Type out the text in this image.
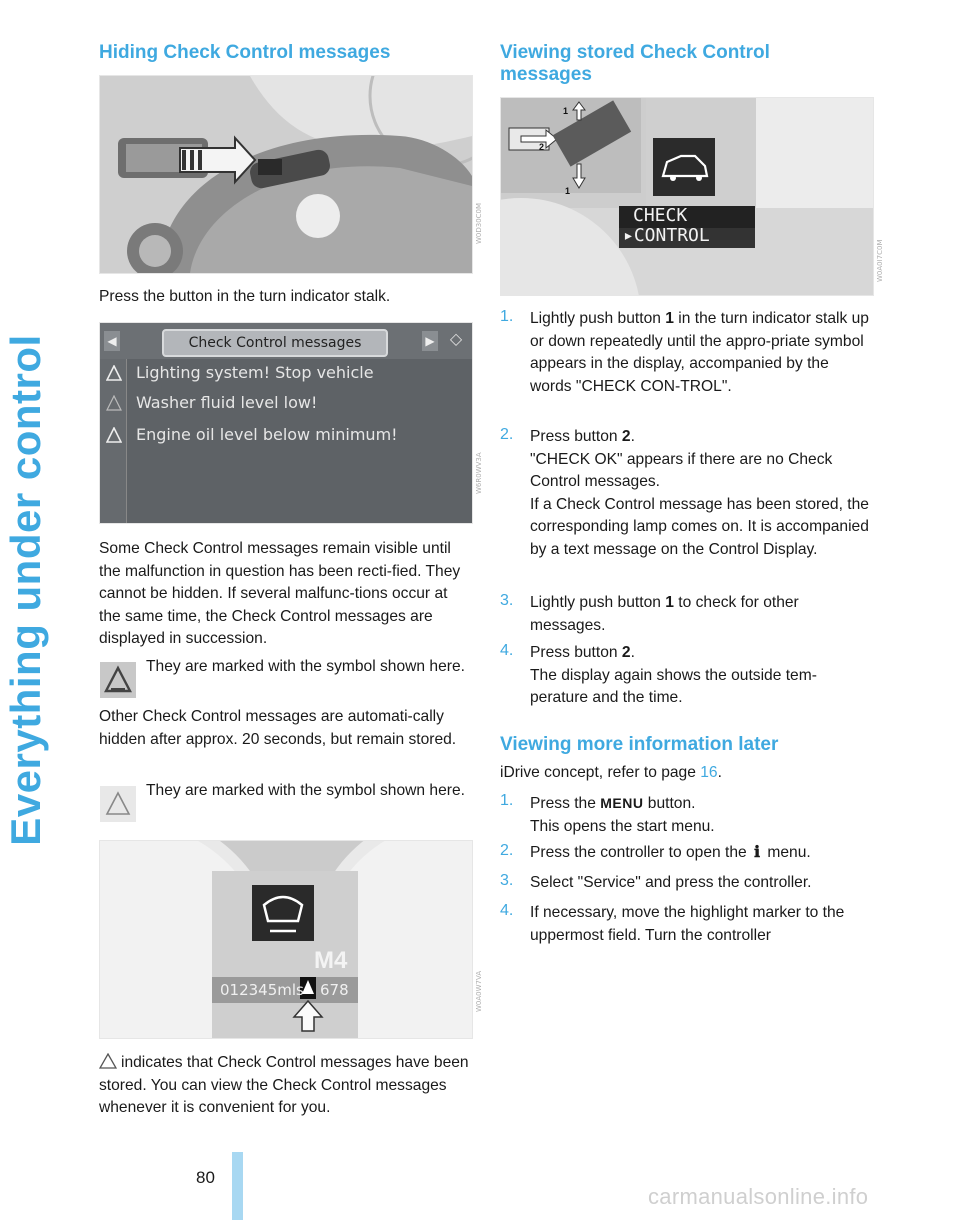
Everything under control
Hiding Check Control messages
W0D30C0M

Press the button in the turn indicator stalk.

◀	Check Control messages	▶ ◇
Lighting system! Stop vehicle
Washer fluid level low!
Engine oil level below minimum!
W6R0WV3A

Some Check Control messages remain visible until the malfunction in question has been recti-fied. They cannot be hidden. If several malfunc-tions occur at the same time, the Check Control messages are displayed in succession.

They are marked with the symbol shown here.

Other Check Control messages are automati-cally hidden after approx. 20 seconds, but remain stored.

They are marked with the symbol shown here.

M4
012345mls 678	W0A0W7VA
indicates that Check Control messages have been stored. You can view the Check Control messages whenever it is convenient for you.
Viewing stored Check Control
messages
2
1
1
CHECK
▸CONTROL
W0A0I7C0M
1.	Lightly push button 1 in the turn indicator stalk up or down repeatedly until the appro-priate symbol appears in the display, accompanied by the words "CHECK CON-TROL".

2.	Press button 2.

"CHECK OK" appears if there are no Check Control messages.

If a Check Control message has been stored, the corresponding lamp comes on. It is accompanied by a text message on the Control Display.

3.	Lightly push button 1 to check for other messages.

4.	Press button 2.

The display again shows the outside tem-perature and the time.

Viewing more information later

iDrive concept, refer to page 16.

1.	Press the MENU button.

This opens the start menu.

2.	Press the controller to open the ℹ menu.

3.	Select "Service" and press the controller.

4.	If necessary, move the highlight marker to the uppermost field. Turn the controller

80
carmanualsonline.info
